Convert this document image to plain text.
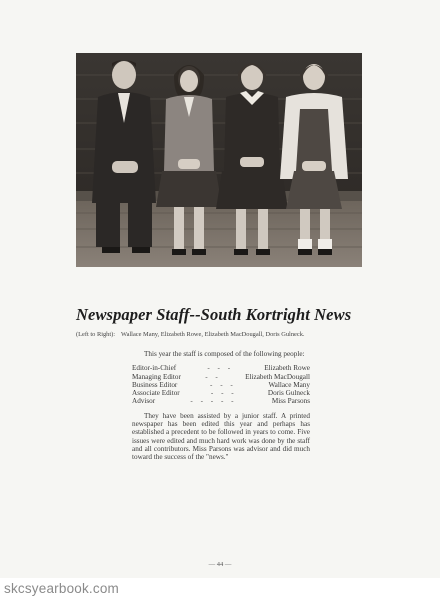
Newspaper Staff--South Kortright News
(Left to Right): Wallace Many, Elizabeth Rowe, Elizabeth MacDougall, Doris Gulneck.

This year the staff is composed of the following people:

Editor-in-Chief	- - -	Elizabeth Rowe
Managing Editor	- -	Elizabeth MacDougall
Business Editor	- - -	Wallace Many
Associate Editor	- - -	Doris Gulneck
Advisor	- - - - -	Miss Parsons

They have been assisted by a junior staff. A printed newspaper has been edited this year and perhaps has established a precedent to be followed in years to come. Five issues were edited and much hard work was done by the staff and all contributors. Miss Parsons was advisor and did much toward the success of the "news."

— 44 —
skcsyearbook.com
